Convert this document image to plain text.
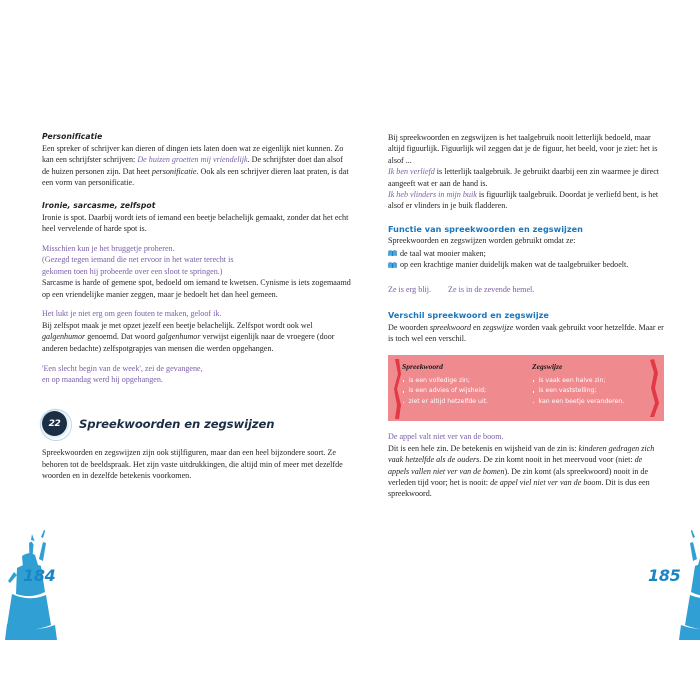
Personificatie
Een spreker of schrijver kan dieren of dingen iets laten doen wat ze eigenlijk niet kunnen. Zo kan een schrijfster schrijven: De huizen groetten mij vriendelijk. De schrijfster doet dan alsof de huizen personen zijn. Dat heet personificatie. Ook als een schrijver dieren laat praten, is dat een vorm van personificatie.
Ironie, sarcasme, zelfspot
Ironie is spot. Daarbij wordt iets of iemand een beetje belachelijk gemaakt, zonder dat het echt heel vervelende of harde spot is.
Misschien kun je het bruggetje proberen.
(Gezegd tegen iemand die net ervoor in het water terecht is
gekomen toen hij probeerde over een sloot te springen.)
Sarcasme is harde of gemene spot, bedoeld om iemand te kwetsen. Cynisme is iets zogemaamd op een vriendelijke manier zeggen, maar je bedoelt het dan heel gemeen.
Het lukt je niet erg om geen fouten te maken, geloof ik.
Bij zelfspot maak je met opzet jezelf een beetje belachelijk. Zelfspot wordt ook wel galgenhumor genoemd. Dat woord galgenhumor verwijst eigenlijk naar de vroegere (door anderen bedachte) zelfspotgrapjes van mensen die werden opgehangen.
'Een slecht begin van de week', zei de gevangene,
en op maandag werd hij opgehangen.
22 Spreekwoorden en zegswijzen
Spreekwoorden en zegswijzen zijn ook stijlfiguren, maar dan een heel bijzondere soort. Ze behoren tot de beeldspraak. Het zijn vaste uitdrukkingen, die altijd min of meer met dezelfde woorden en in dezelfde betekenis voorkomen.
Bij spreekwoorden en zegswijzen is het taalgebruik nooit letterlijk bedoeld, maar altijd figuurlijk. Figuurlijk wil zeggen dat je de figuur, het beeld, voor je ziet: het is alsof ...
Ik ben verliefd is letterlijk taalgebruik. Je gebruikt daarbij een zin waarmee je direct aangeeft wat er aan de hand is.
Ik heb vlinders in mijn buik is figuurlijk taalgebruik. Doordat je verliefd bent, is het alsof er vlinders in je buik fladderen.
Functie van spreekwoorden en zegswijzen
Spreekwoorden en zegswijzen worden gebruikt omdat ze:
de taal wat mooier maken;
op een krachtige manier duidelijk maken wat de taalgebruiker bedoelt.
Ze is erg blij. Ze is in de zevende hemel.
Verschil spreekwoord en zegswijze
De woorden spreekwoord en zegswijze worden vaak gebruikt voor hetzelfde. Maar er is toch wel een verschil.
Spreekwoord
is een volledige zin;
is een advies of wijsheid;
ziet er altijd hetzelfde uit.
Zegswijze
is vaak een halve zin;
is een vaststelling;
kan een beetje veranderen.
De appel valt niet ver van de boom.
Dit is een hele zin. De betekenis en wijsheid van de zin is: kinderen gedragen zich vaak hetzelfde als de ouders. De zin komt nooit in het meervoud voor (niet: de appels vallen niet ver van de bomen). De zin komt (als spreekwoord) nooit in de verleden tijd voor; het is nooit: de appel viel niet ver van de boom. Dit is dus een spreekwoord.
184	185
